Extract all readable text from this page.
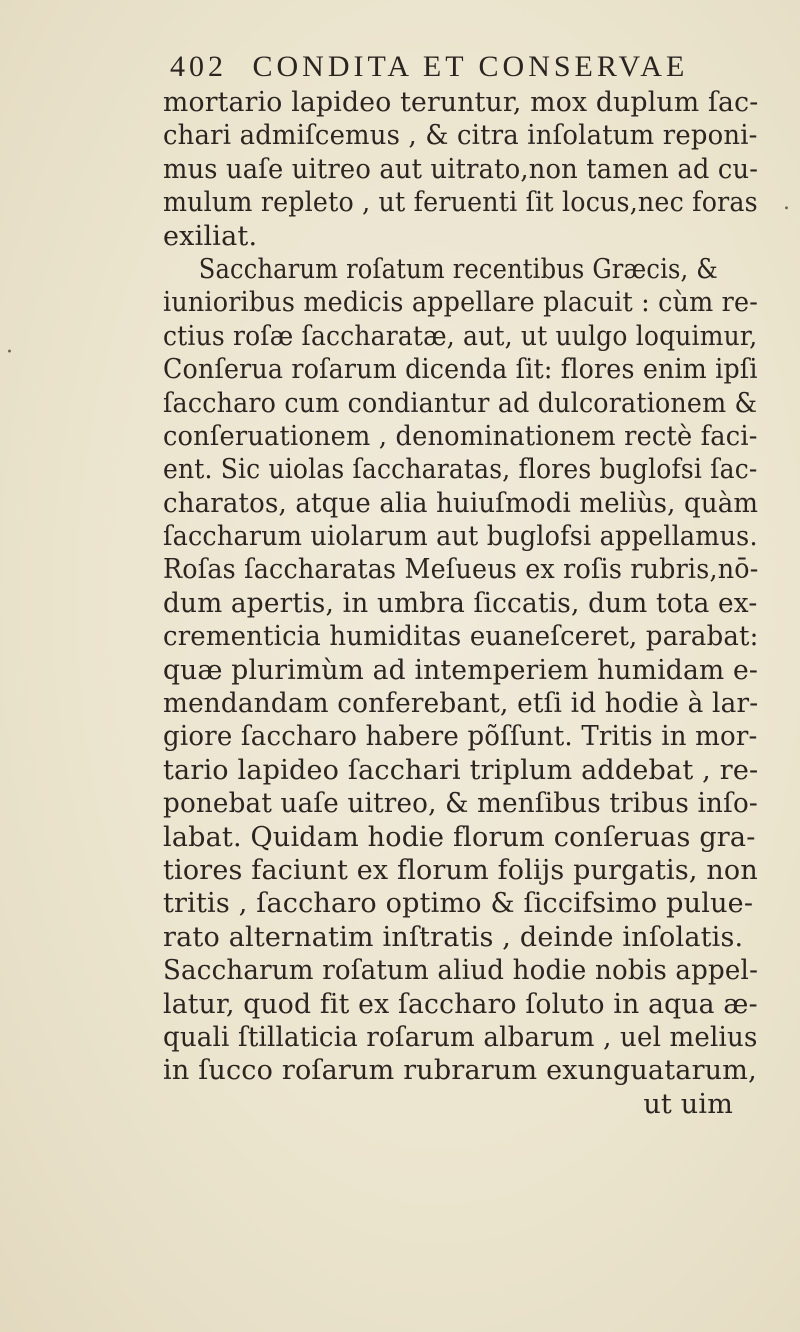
402 CONDITA ET CONSERVAE
mortario lapideo teruntur, mox duplum ſac-
chari admiſcemus , & citra inſolatum reponi-
mus uaſe uitreo aut uitrato,non tamen ad cu-
mulum repleto , ut feruenti ſit locus,nec foras
exiliat.
Saccharum roſatum recentibus Græcis, &
iunioribus medicis appellare placuit : cùm re-
ctius roſæ ſaccharatæ, aut, ut uulgo loquimur,
Conſerua roſarum dicenda ſit: flores enim ipſi
ſaccharo cum condiantur ad dulcorationem &
conſeruationem , denominationem rectè faci-
ent. Sic uiolas ſaccharatas, flores buglofsi ſac-
charatos, atque alia huiuſmodi meliùs, quàm
ſaccharum uiolarum aut buglofsi appellamus.
Roſas ſaccharatas Meſueus ex roſis rubris,nō-
dum apertis, in umbra ſiccatis, dum tota ex-
crementicia humiditas euaneſceret, parabat:
quæ plurimùm ad intemperiem humidam e-
mendandam conferebant, etſi id hodie à lar-
giore ſaccharo habere põſſunt. Tritis in mor-
tario lapideo ſacchari triplum addebat , re-
ponebat uaſe uitreo, & menſibus tribus inſo-
labat. Quidam hodie florum conſeruas gra-
tiores faciunt ex florum folijs purgatis, non
tritis , ſaccharo optimo & ſiccifsimo pulue-
rato alternatim inſtratis , deinde inſolatis.
Saccharum roſatum aliud hodie nobis appel-
latur, quod fit ex ſaccharo ſoluto in aqua æ-
quali ſtillaticia roſarum albarum , uel melius
in ſucco roſarum rubrarum exunguatarum,
ut uim
·
.
